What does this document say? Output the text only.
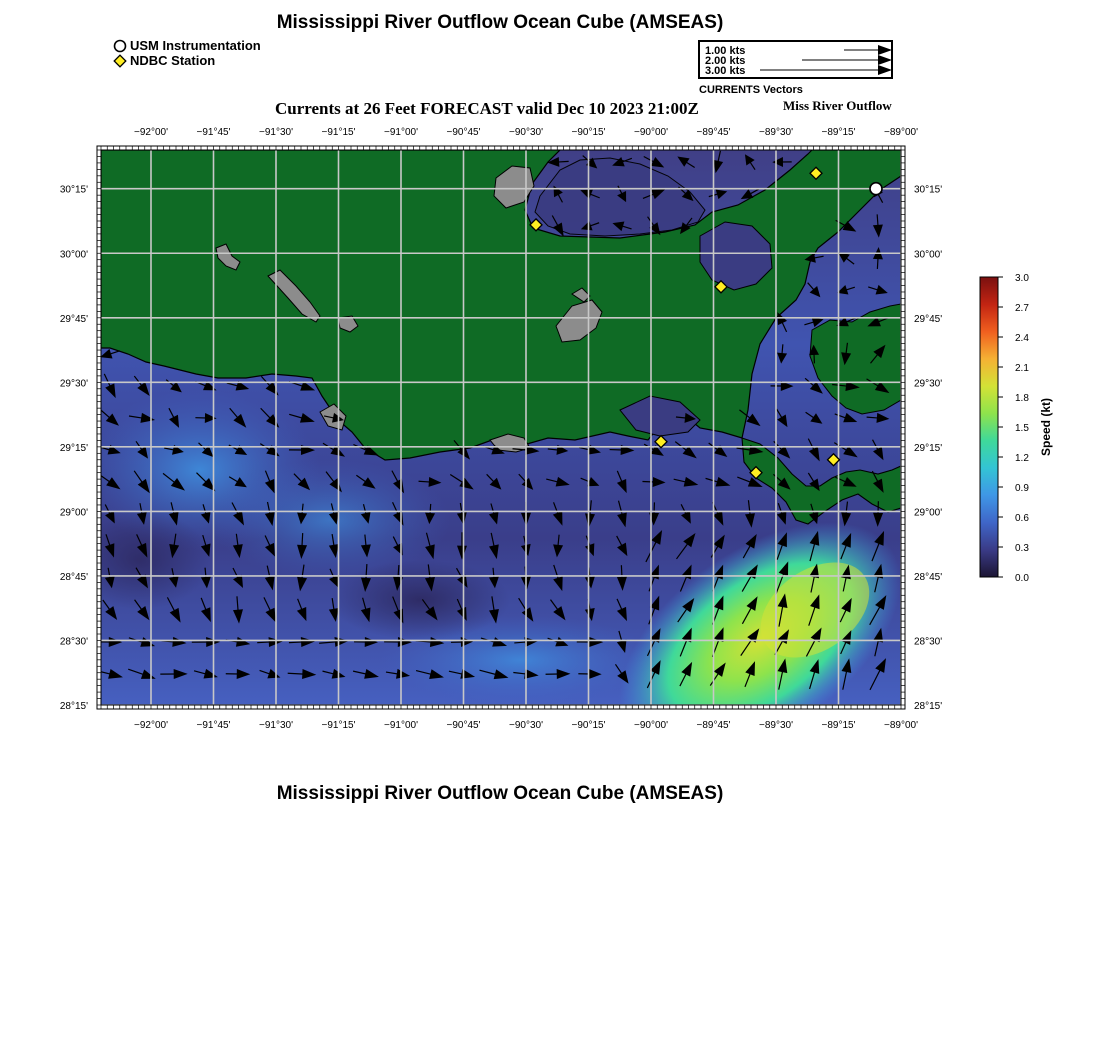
Mississippi River Outflow Ocean Cube (AMSEAS)
USM Instrumentation
NDBC Station
1.00 kts
2.00 kts
3.00 kts
CURRENTS Vectors
Currents at 26 Feet FORECAST valid Dec 10 2023 21:00Z	Miss River Outflow
−92°00'	−91°45'	−91°30'	−91°15'	−91°00'	−90°45'	−90°30'	−90°15'	−90°00'	−89°45'	−89°30'	−89°15'	−89°00'
−92°00'	−91°45'	−91°30'	−91°15'	−91°00'	−90°45'	−90°30'	−90°15'	−90°00'	−89°45'	−89°30'	−89°15'	−89°00'
30°15'
30°00'
29°45'
29°30'
29°15'
29°00'
28°45'
28°30'
28°15'
30°15'
30°00'
29°45'
29°30'
29°15'
29°00'
28°45'
28°30'
28°15'
3.0
2.7
2.4
2.1
1.8
1.5
1.2
0.9
0.6
0.3
0.0
Speed (kt)
Mississippi River Outflow Ocean Cube (AMSEAS)
